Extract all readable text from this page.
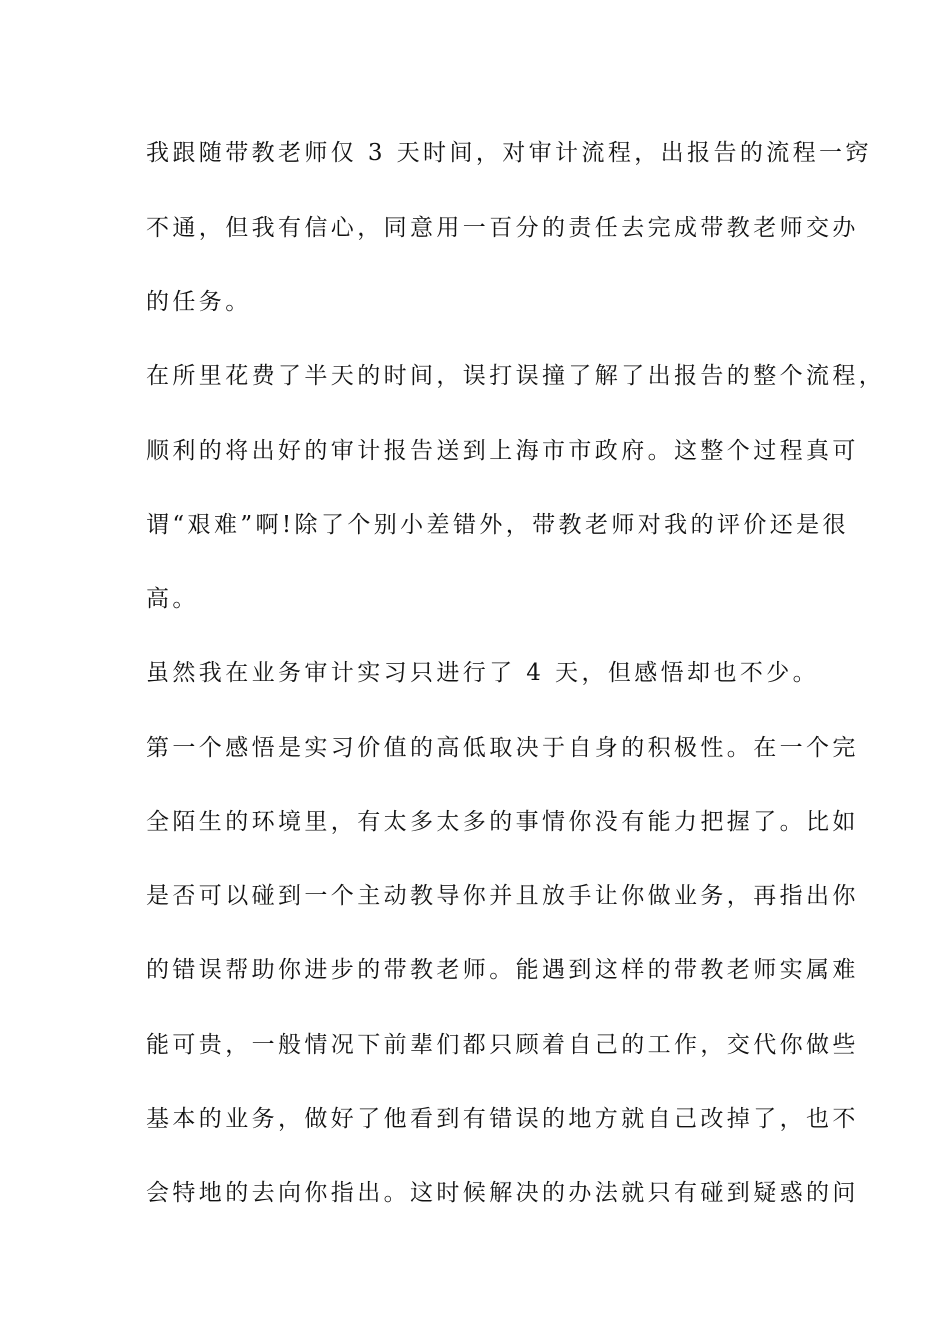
我跟随带教老师仅 3 天时间，对审计流程，出报告的流程一窍
不通，但我有信心，同意用一百分的责任去完成带教老师交办
的任务。
在所里花费了半天的时间，误打误撞了解了出报告的整个流程，
顺利的将出好的审计报告送到上海市市政府。这整个过程真可
谓“艰难”啊!除了个别小差错外，带教老师对我的评价还是很
高。
虽然我在业务审计实习只进行了 4 天，但感悟却也不少。
第一个感悟是实习价值的高低取决于自身的积极性。在一个完
全陌生的环境里，有太多太多的事情你没有能力把握了。比如
是否可以碰到一个主动教导你并且放手让你做业务，再指出你
的错误帮助你进步的带教老师。能遇到这样的带教老师实属难
能可贵，一般情况下前辈们都只顾着自己的工作，交代你做些
基本的业务，做好了他看到有错误的地方就自己改掉了，也不
会特地的去向你指出。这时候解决的办法就只有碰到疑惑的问
